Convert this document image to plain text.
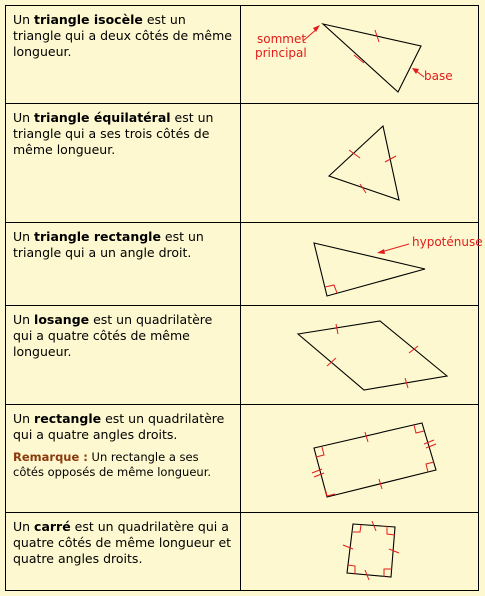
Un triangle isocèle est un triangle qui a deux côtés de même longueur.	sommet
principal
base

Un triangle équilatéral est un triangle qui a ses trois côtés de même longueur.	

Un triangle rectangle est un triangle qui a un angle droit.	hypoténuse

Un losange est un quadrilatère qui a quatre côtés de même longueur.	

Un rectangle est un quadrilatère qui a quatre angles droits.
Remarque : Un rectangle a ses côtés opposés de même longueur.

Un carré est un quadrilatère qui a quatre côtés de même longueur et quatre angles droits.	
